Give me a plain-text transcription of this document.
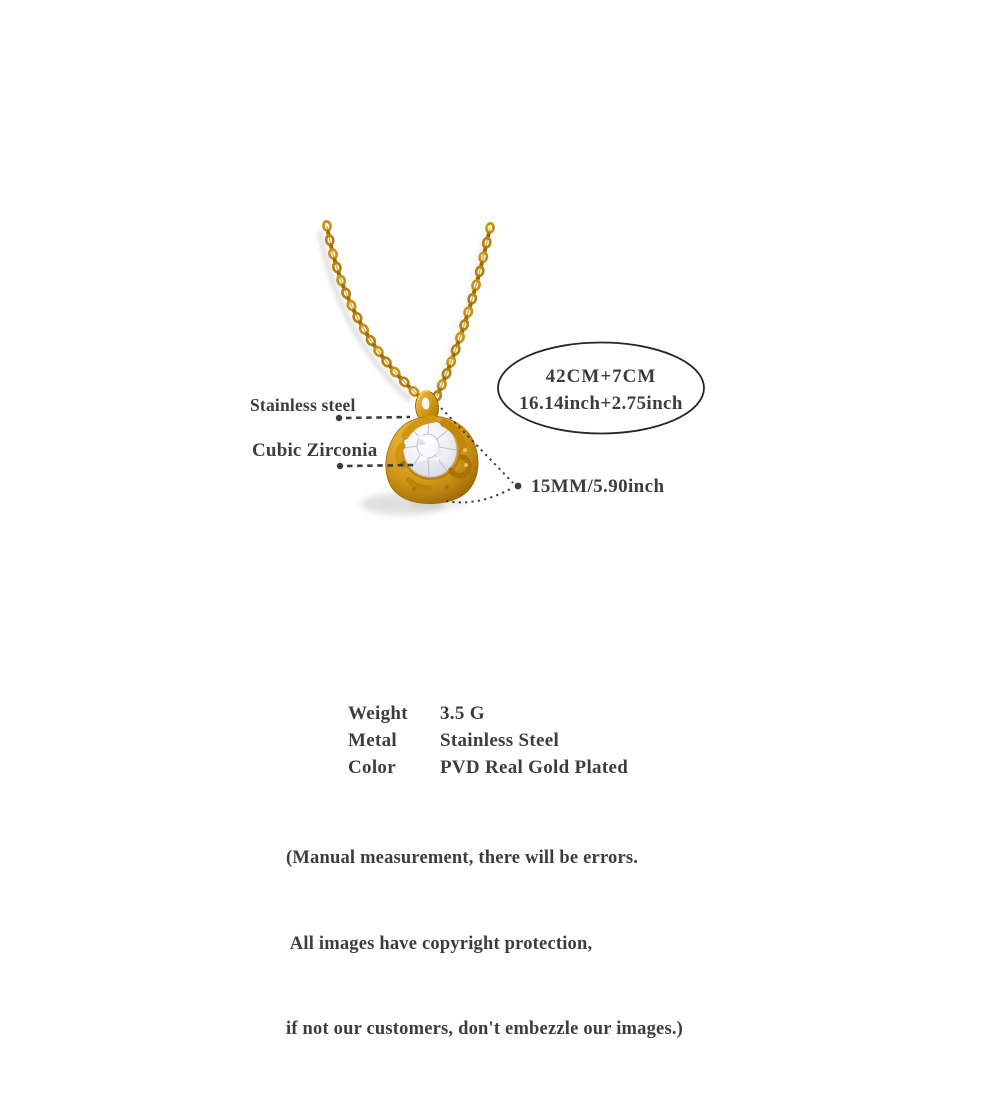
Stainless steel
Cubic Zirconia
15MM/5.90inch
42CM+7CM
16.14inch+2.75inch
Weight	3.5 G
Metal	Stainless Steel
Color	PVD Real Gold Plated

(Manual measurement, there will be errors.

All images have copyright protection,

if not our customers, don't embezzle our images.)
